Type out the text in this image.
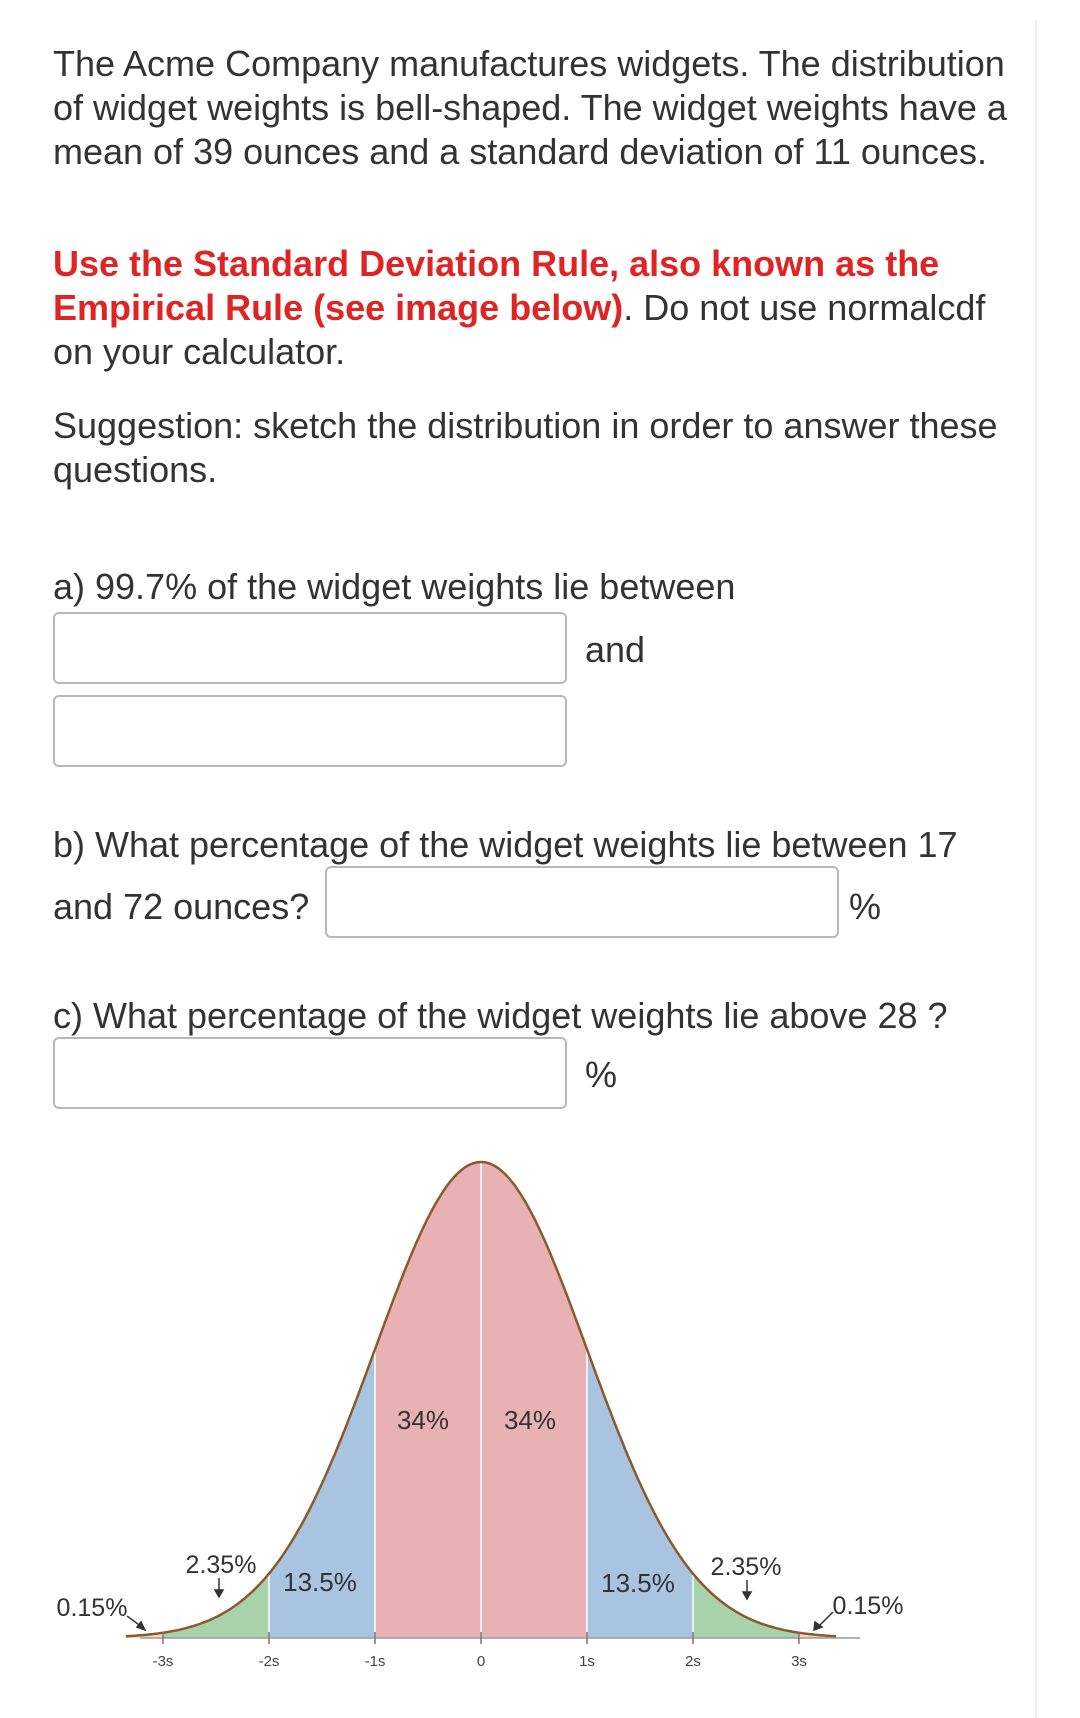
The Acme Company manufactures widgets. The distribution of widget weights is bell-shaped. The widget weights have a mean of 39 ounces and a standard deviation of 11 ounces.

Use the Standard Deviation Rule, also known as the Empirical Rule (see image below). Do not use normalcdf on your calculator.

Suggestion: sketch the distribution in order to answer these questions.

a) 99.7% of the widget weights lie between

and

b) What percentage of the widget weights lie between 17

and 72 ounces?	%

c) What percentage of the widget weights lie above 28 ?

%
-3s	-2s	-1s	0	1s	2s	3s
34% 34%
13.5%	13.5%
2.35%	2.35%
0.15%	0.15%
